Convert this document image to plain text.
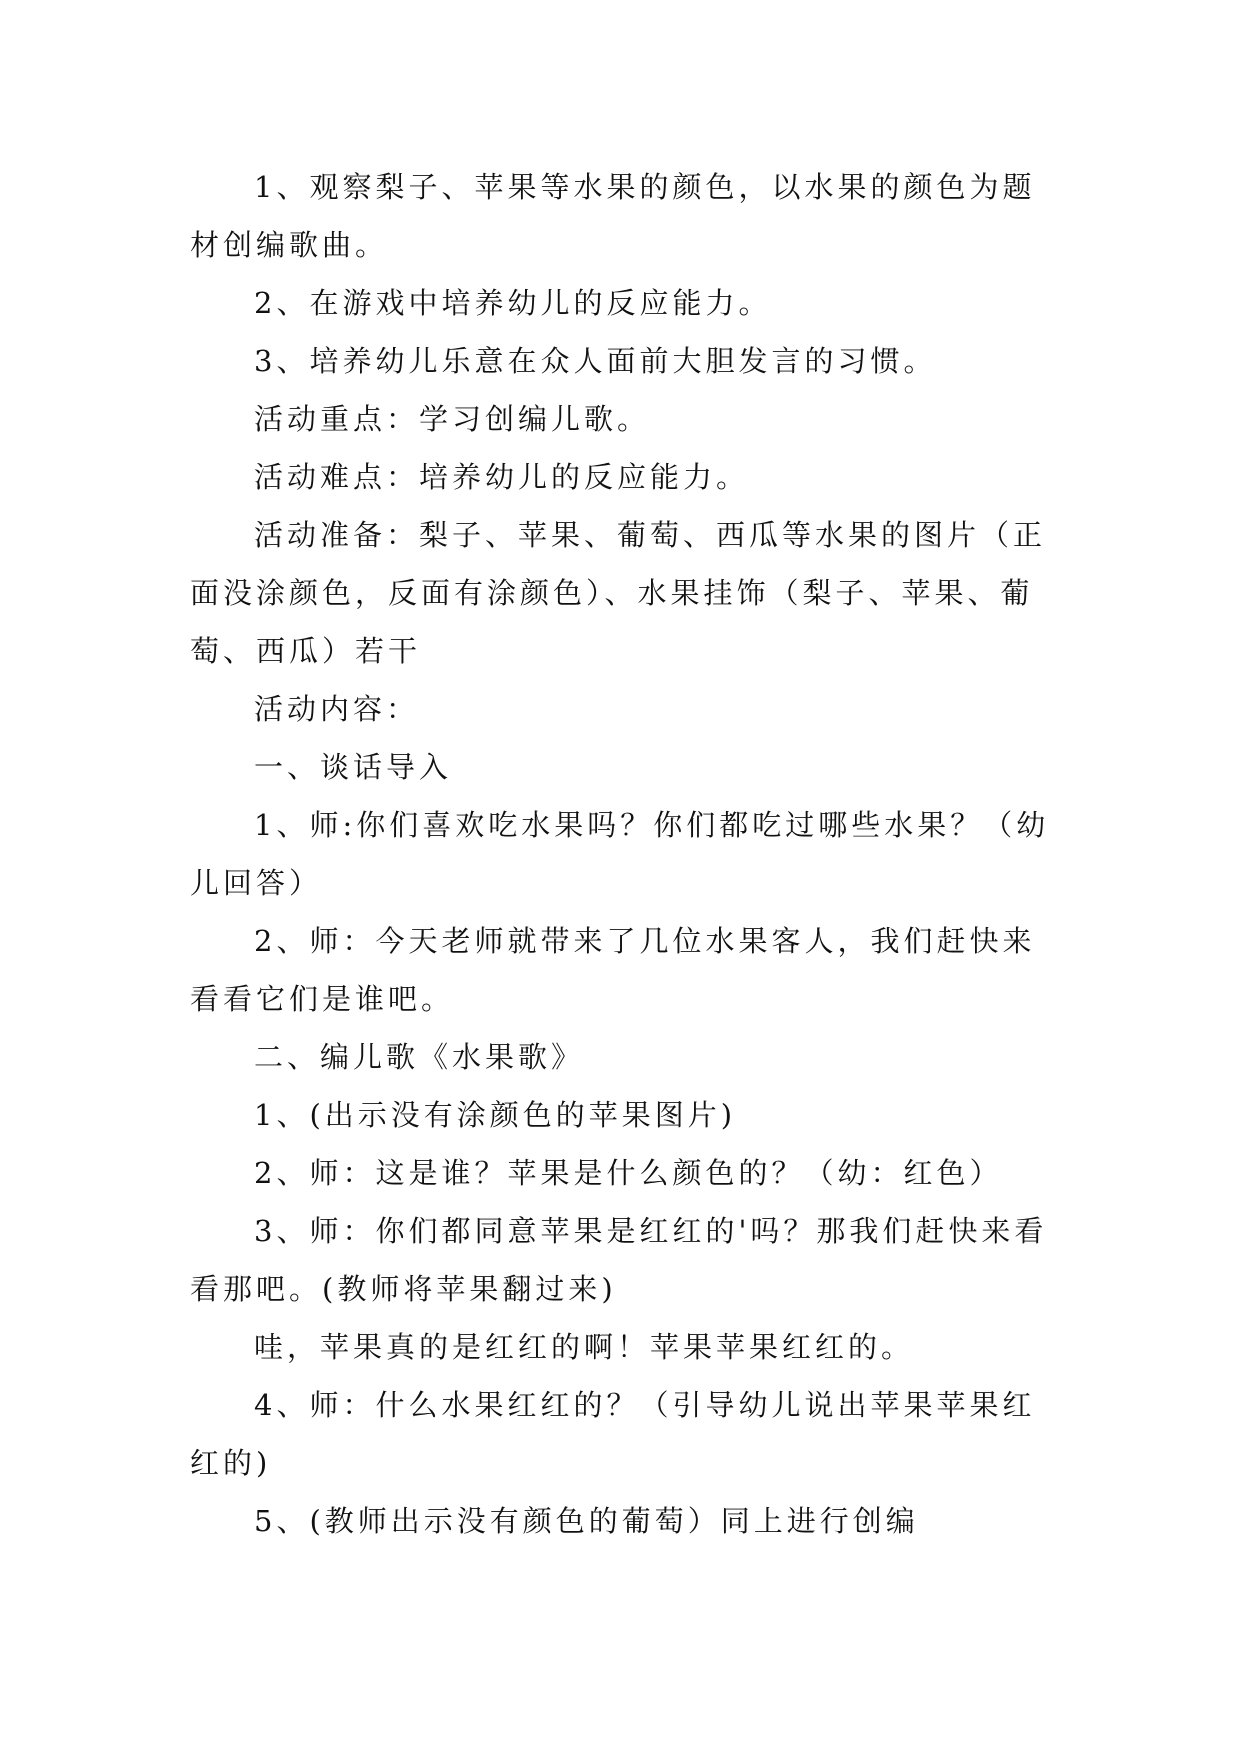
1、观察梨子、苹果等水果的颜色，以水果的颜色为题材创编歌曲。

2、在游戏中培养幼儿的反应能力。

3、培养幼儿乐意在众人面前大胆发言的习惯。

活动重点：学习创编儿歌。

活动难点：培养幼儿的反应能力。

活动准备：梨子、苹果、葡萄、西瓜等水果的图片（正面没涂颜色，反面有涂颜色）、水果挂饰（梨子、苹果、葡萄、西瓜）若干

活动内容：

一、谈话导入

1、师:你们喜欢吃水果吗？你们都吃过哪些水果？（幼儿回答）

2、师：今天老师就带来了几位水果客人，我们赶快来看看它们是谁吧。

二、编儿歌《水果歌》

1、(出示没有涂颜色的苹果图片)

2、师：这是谁？苹果是什么颜色的？（幼：红色）

3、师：你们都同意苹果是红红的'吗？那我们赶快来看看那吧。(教师将苹果翻过来)

哇，苹果真的是红红的啊！苹果苹果红红的。

4、师：什么水果红红的？（引导幼儿说出苹果苹果红红的)

5、(教师出示没有颜色的葡萄）同上进行创编
